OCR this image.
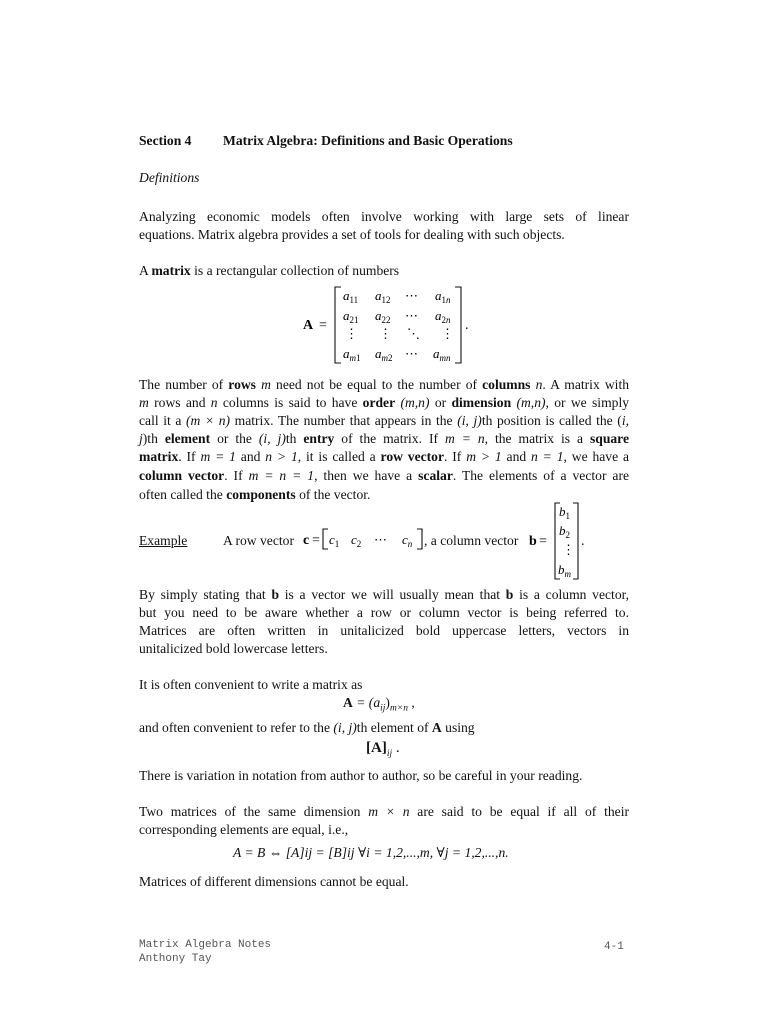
Section 4 Matrix Algebra: Definitions and Basic Operations
Definitions
Analyzing economic models often involve working with large sets of linear
equations. Matrix algebra provides a set of tools for dealing with such objects.
A matrix is a rectangular collection of numbers
A =
$a_{11}$ $a_{12}$ ⋯ $a_1n$
$a_{21}$ $a_{22}$ ⋯ $a_2n$
⋮ ⋮ ⋱ ⋮
$a_m1$ $a_m2$ ⋯ $a_{mn}$
.
The number of rows m need not be equal to the number of columns n. A matrix with
m rows and n columns is said to have order (m,n) or dimension (m,n), or we simply
call it a (m × n) matrix. The number that appears in the (i, j)th position is called the (i,
j)th element or the (i, j)th entry of the matrix. If m = n, the matrix is a square
matrix. If m = 1 and n > 1, it is called a row vector. If m > 1 and n = 1, we have a
column vector. If m = n = 1, then we have a scalar. The elements of a vector are
often called the components of the vector.
Example	A row vector $c = c_1$ $c_2$ ⋯ $c_n$ , a column vector b =
$b_1$
$b_2$
⋮
$b_m$
.
By simply stating that b is a vector we will usually mean that b is a column vector,
but you need to be aware whether a row or column vector is being referred to.
Matrices are often written in unitalicized bold uppercase letters, vectors in
unitalicized bold lowercase letters.
It is often convenient to write a matrix as
$A = (a_{ij})_{m\times n}$ ,
and often convenient to refer to the (i, j)th element of A using
$[A]_{ij}$ .
There is variation in notation from author to author, so be careful in your reading.
Two matrices of the same dimension m × n are said to be equal if all of their
corresponding elements are equal, i.e.,
A = B ⇔ [A]ij = [B]ij ∀i = 1,2,...,m, ∀j = 1,2,...,n.
Matrices of different dimensions cannot be equal.
Matrix Algebra Notes
Anthony Tay
4-1
